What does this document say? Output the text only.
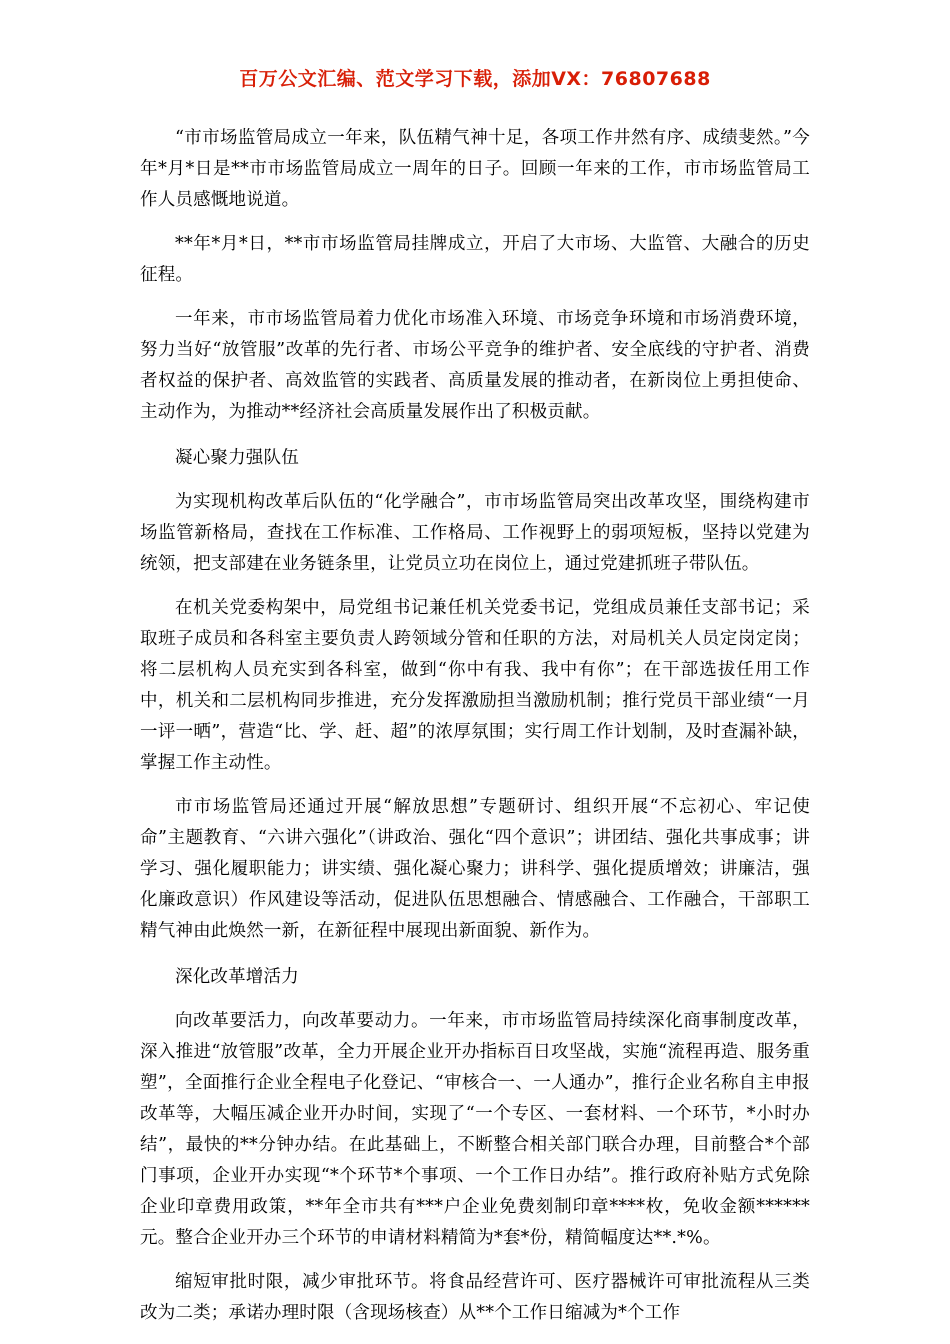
百万公文汇编、范文学习下载，添加VX：76807688

“市市场监管局成立一年来，队伍精气神十足，各项工作井然有序、成绩斐然。”今年*月*日是**市市场监管局成立一周年的日子。回顾一年来的工作，市市场监管局工作人员感慨地说道。

**年*月*日，**市市场监管局挂牌成立，开启了大市场、大监管、大融合的历史征程。

一年来，市市场监管局着力优化市场准入环境、市场竞争环境和市场消费环境，努力当好“放管服”改革的先行者、市场公平竞争的维护者、安全底线的守护者、消费者权益的保护者、高效监管的实践者、高质量发展的推动者，在新岗位上勇担使命、主动作为，为推动**经济社会高质量发展作出了积极贡献。

凝心聚力强队伍

为实现机构改革后队伍的“化学融合”，市市场监管局突出改革攻坚，围绕构建市场监管新格局，查找在工作标准、工作格局、工作视野上的弱项短板，坚持以党建为统领，把支部建在业务链条里，让党员立功在岗位上，通过党建抓班子带队伍。

在机关党委构架中，局党组书记兼任机关党委书记，党组成员兼任支部书记；采取班子成员和各科室主要负责人跨领域分管和任职的方法，对局机关人员定岗定岗；将二层机构人员充实到各科室，做到“你中有我、我中有你”；在干部选拔任用工作中，机关和二层机构同步推进，充分发挥激励担当激励机制；推行党员干部业绩“一月一评一晒”，营造“比、学、赶、超”的浓厚氛围；实行周工作计划制，及时查漏补缺，掌握工作主动性。

市市场监管局还通过开展“解放思想”专题研讨、组织开展“不忘初心、牢记使命”主题教育、“六讲六强化”（讲政治、强化“四个意识”；讲团结、强化共事成事；讲学习、强化履职能力；讲实绩、强化凝心聚力；讲科学、强化提质增效；讲廉洁，强化廉政意识）作风建设等活动，促进队伍思想融合、情感融合、工作融合，干部职工精气神由此焕然一新，在新征程中展现出新面貌、新作为。

深化改革增活力

向改革要活力，向改革要动力。一年来，市市场监管局持续深化商事制度改革，深入推进“放管服”改革，全力开展企业开办指标百日攻坚战，实施“流程再造、服务重塑”，全面推行企业全程电子化登记、“审核合一、一人通办”，推行企业名称自主申报改革等，大幅压减企业开办时间，实现了“一个专区、一套材料、一个环节，*小时办结”，最快的**分钟办结。在此基础上，不断整合相关部门联合办理，目前整合*个部门事项，企业开办实现“*个环节*个事项、一个工作日办结”。推行政府补贴方式免除企业印章费用政策，**年全市共有***户企业免费刻制印章****枚，免收金额******元。整合企业开办三个环节的申请材料精简为*套*份，精简幅度达**.*%。

缩短审批时限，减少审批环节。将食品经营许可、医疗器械许可审批流程从三类改为二类；承诺办理时限（含现场核查）从**个工作日缩减为*个工作
